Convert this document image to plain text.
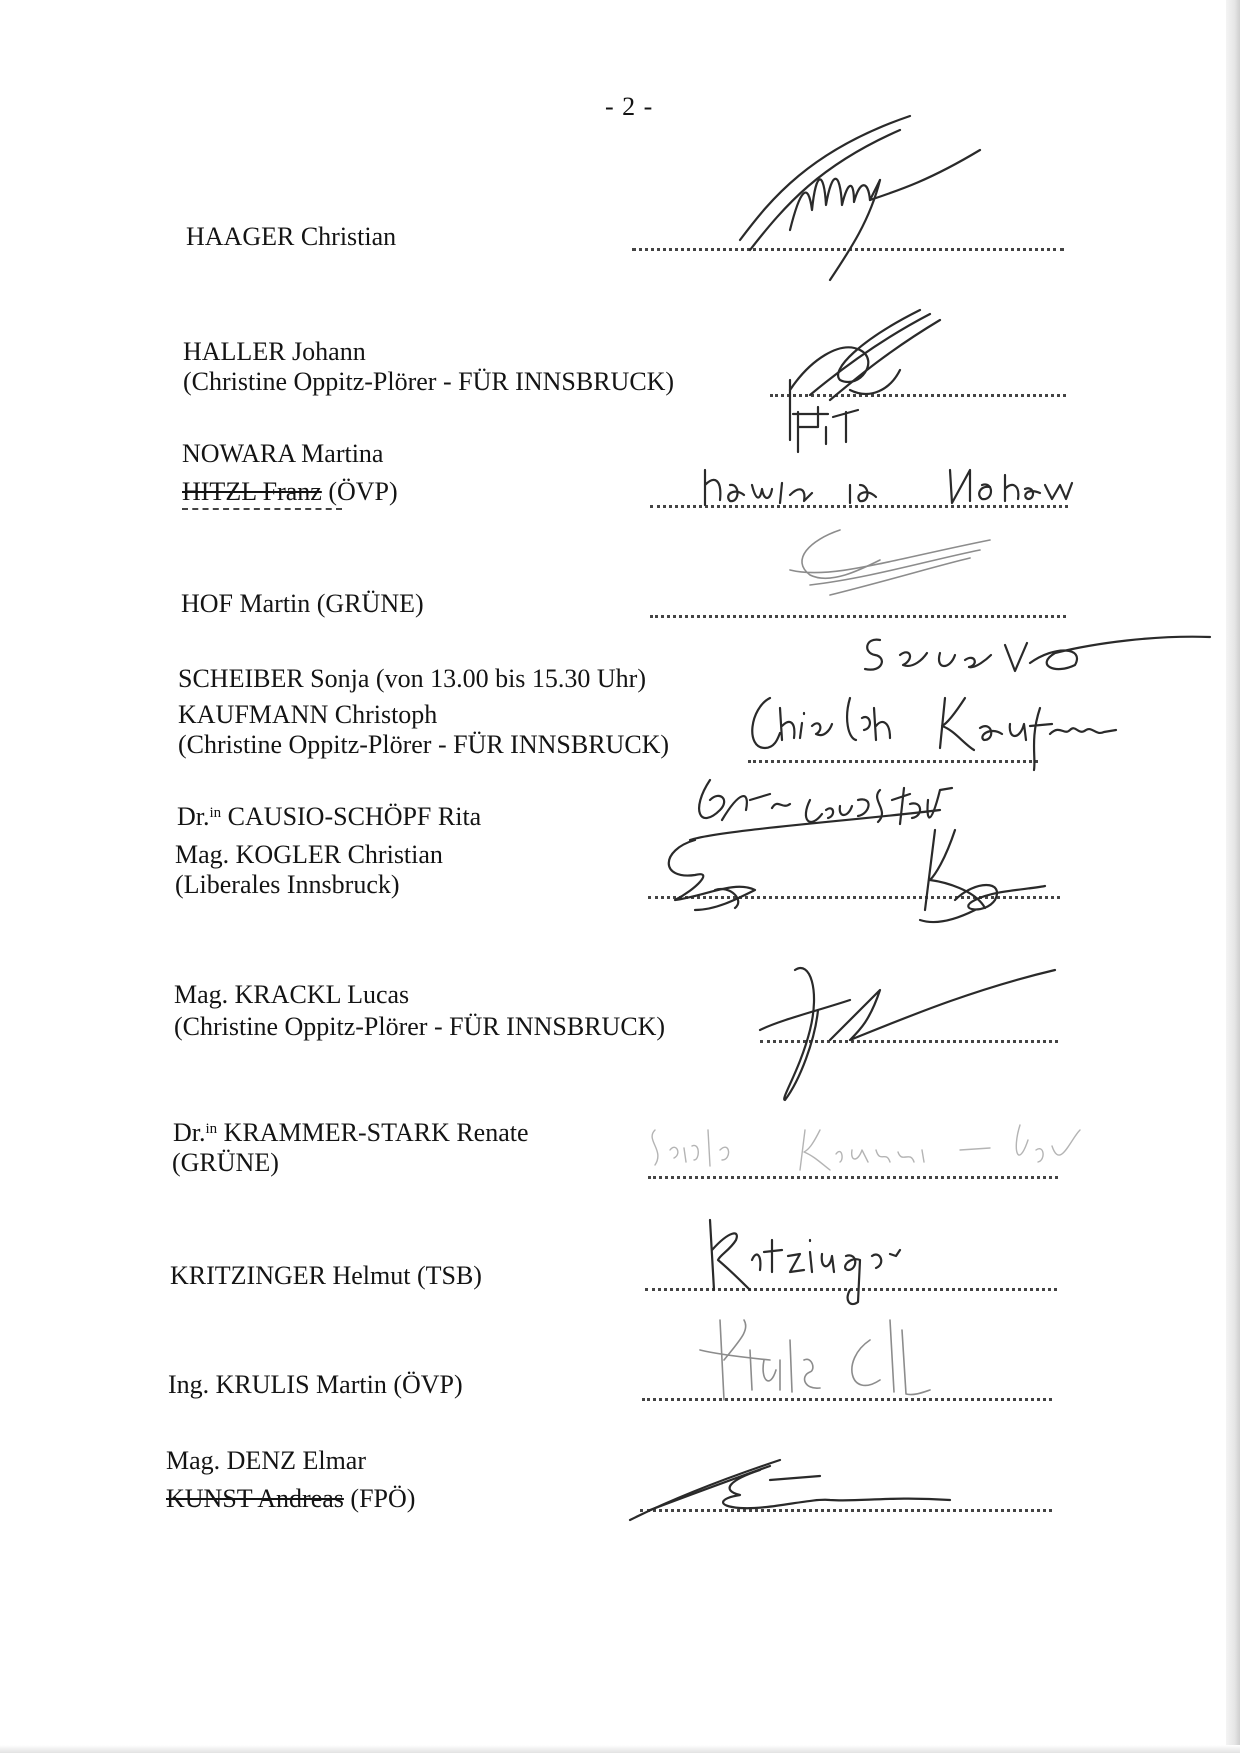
- 2 -
HAAGER Christian
HALLER Johann
(Christine Oppitz-Plörer - FÜR INNSBRUCK)
NOWARA Martina
HITZL Franz (ÖVP)
HOF Martin (GRÜNE)
SCHEIBER Sonja (von 13.00 bis 15.30 Uhr)
KAUFMANN Christoph
(Christine Oppitz-Plörer - FÜR INNSBRUCK)
Dr.$^{in}$ CAUSIO-SCHÖPF Rita
Mag. KOGLER Christian
(Liberales Innsbruck)
Mag. KRACKL Lucas
(Christine Oppitz-Plörer - FÜR INNSBRUCK)
Dr.$^{in}$ KRAMMER-STARK Renate
(GRÜNE)
KRITZINGER Helmut (TSB)
Ing. KRULIS Martin (ÖVP)
Mag. DENZ Elmar
KUNST Andreas (FPÖ)
